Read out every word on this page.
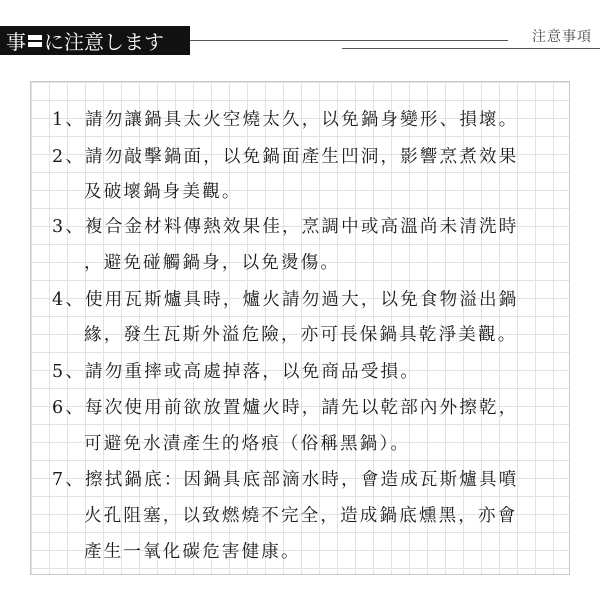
事 に注意します	注意事項
1、請勿讓鍋具太火空燒太久，以免鍋身變形、損壞。
2、請勿敲擊鍋面，以免鍋面產生凹洞，影響烹煮效果
及破壞鍋身美觀。
3、複合金材料傳熱效果佳，烹調中或高溫尚未清洗時
，避免碰觸鍋身，以免燙傷。
4、使用瓦斯爐具時，爐火請勿過大，以免食物溢出鍋
緣，發生瓦斯外溢危險，亦可長保鍋具乾淨美觀。
5、請勿重摔或高處掉落，以免商品受損。
6、每次使用前欲放置爐火時，請先以乾部內外擦乾，
可避免水漬產生的烙痕（俗稱黑鍋）。
7、擦拭鍋底：因鍋具底部滴水時，會造成瓦斯爐具噴
火孔阻塞，以致燃燒不完全，造成鍋底燻黑，亦會
產生一氧化碳危害健康。
